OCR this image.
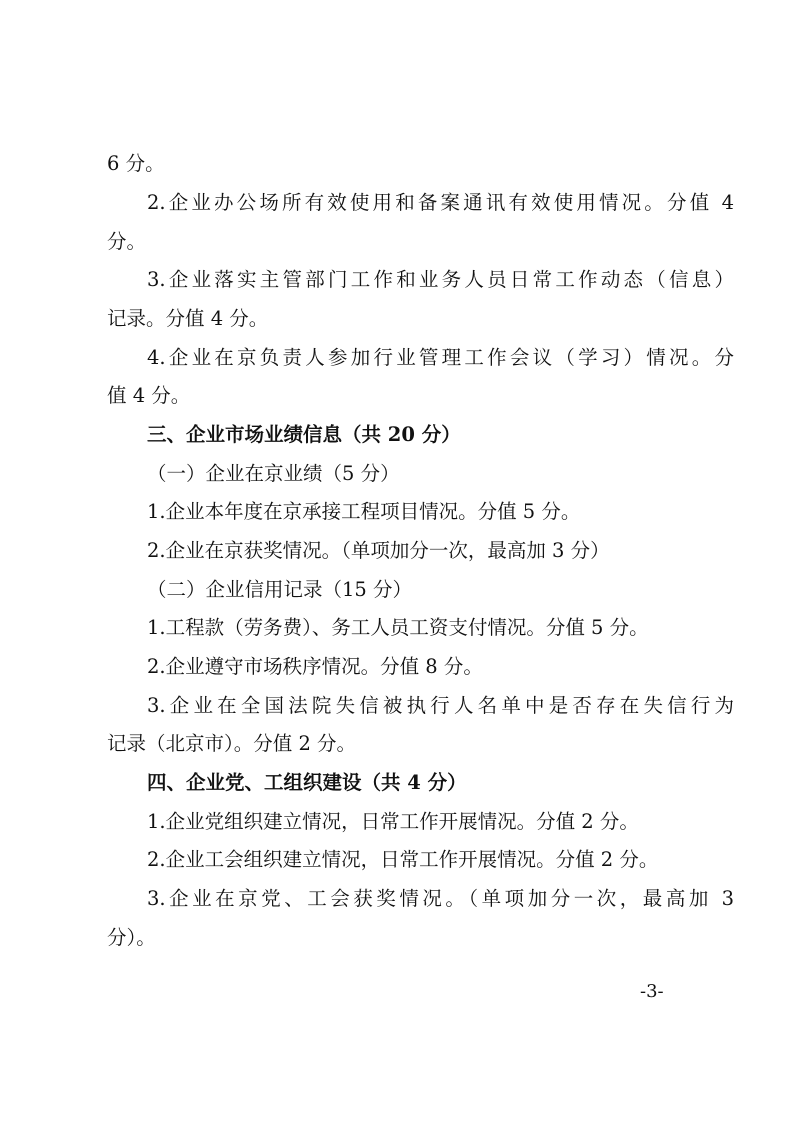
6 分。
2.企业办公场所有效使用和备案通讯有效使用情况。分值 4
分。
3.企业落实主管部门工作和业务人员日常工作动态（信息）
记录。分值 4 分。
4.企业在京负责人参加行业管理工作会议（学习）情况。分
值 4 分。
三、企业市场业绩信息（共 20 分）
（一）企业在京业绩（5 分）
1.企业本年度在京承接工程项目情况。分值 5 分。
2.企业在京获奖情况。（单项加分一次，最高加 3 分）
（二）企业信用记录（15 分）
1.工程款（劳务费）、务工人员工资支付情况。分值 5 分。
2.企业遵守市场秩序情况。分值 8 分。
3.企业在全国法院失信被执行人名单中是否存在失信行为
记录（北京市）。分值 2 分。
四、企业党、工组织建设（共 4 分）
1.企业党组织建立情况，日常工作开展情况。分值 2 分。
2.企业工会组织建立情况，日常工作开展情况。分值 2 分。
3.企业在京党、工会获奖情况。（单项加分一次，最高加 3
分）。
-3-
